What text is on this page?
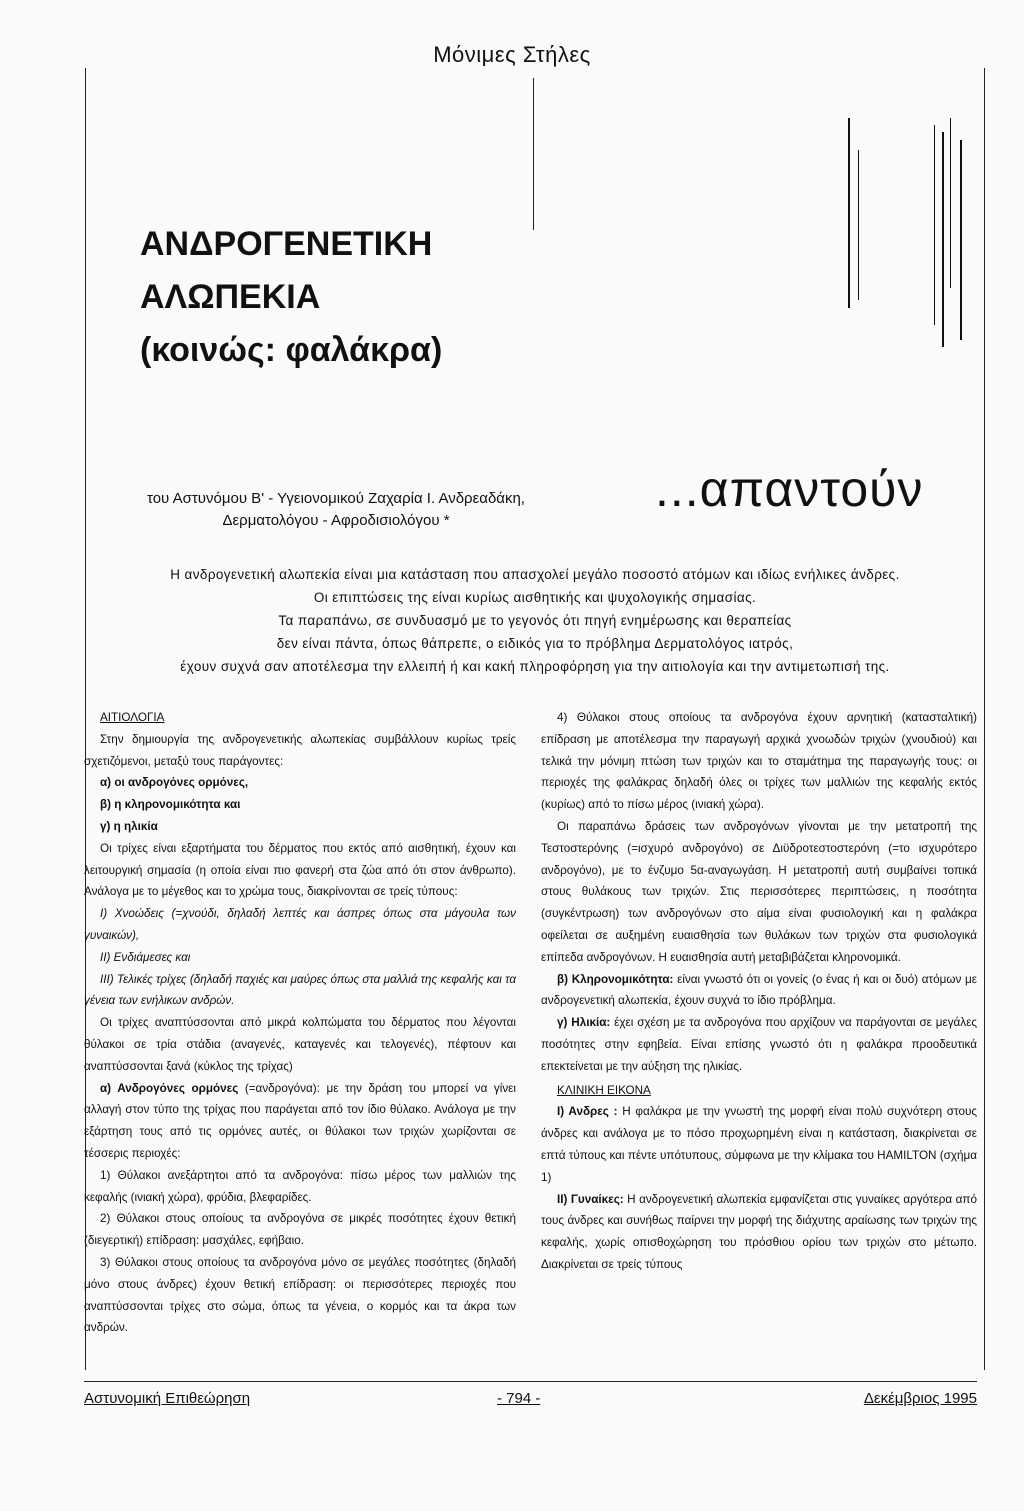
Μόνιμες Στήλες
ΑΝΔΡΟΓΕΝΕΤΙΚΗ
ΑΛΩΠΕΚΙΑ
(κοινώς: φαλάκρα)
του Αστυνόμου Β' - Υγειονομικού Ζαχαρία Ι. Ανδρεαδάκη,
Δερματολόγου - Αφροδισιολόγου *
...απαντούν

Η ανδρογενετική αλωπεκία είναι μια κατάσταση που απασχολεί μεγάλο ποσοστό ατόμων και ιδίως ενήλικες άνδρες.

Οι επιπτώσεις της είναι κυρίως αισθητικής και ψυχολογικής σημασίας.

Τα παραπάνω, σε συνδυασμό με το γεγονός ότι πηγή ενημέρωσης και θεραπείας

δεν είναι πάντα, όπως θάπρεπε, ο ειδικός για το πρόβλημα Δερματολόγος ιατρός,

έχουν συχνά σαν αποτέλεσμα την ελλειπή ή και κακή πληροφόρηση για την αιτιολογία και την αντιμετωπισή της.

ΑΙΤΙΟΛΟΓΙΑ

Στην δημιουργία της ανδρογενετικής αλωπεκίας συμβάλλουν κυρίως τρείς σχετιζόμενοι, μεταξύ τους παράγοντες:

α) οι ανδρογόνες ορμόνες,

β) η κληρονομικότητα και

γ) η ηλικία

Οι τρίχες είναι εξαρτήματα του δέρματος που εκτός από αισθητική, έχουν και λειτουργική σημασία (η οποία είναι πιο φανερή στα ζώα από ότι στον άνθρωπο). Ανάλογα με το μέγεθος και το χρώμα τους, διακρίνονται σε τρείς τύπους:

Ι) Χνοώδεις (=χνούδι, δηλαδή λεπτές και άσπρες όπως στα μάγουλα των γυναικών),

ΙΙ) Ενδιάμεσες και

ΙΙΙ) Τελικές τρίχες (δηλαδή παχιές και μαύρες όπως στα μαλλιά της κεφαλής και τα γένεια των ενήλικων ανδρών.

Οι τρίχες αναπτύσσονται από μικρά κολπώματα του δέρματος που λέγονται θύλακοι σε τρία στάδια (αναγενές, καταγενές και τελογενές), πέφτουν και αναπτύσσονται ξανά (κύκλος της τρίχας)

α) Ανδρογόνες ορμόνες (=ανδρογόνα): με την δράση του μπορεί να γίνει αλλαγή στον τύπο της τρίχας που παράγεται από τον ίδιο θύλακο. Ανάλογα με την εξάρτηση τους από τις ορμόνες αυτές, οι θύλακοι των τριχών χωρίζονται σε τέσσερις περιοχές:

1) Θύλακοι ανεξάρτητοι από τα ανδρογόνα: πίσω μέρος των μαλλιών της κεφαλής (ινιακή χώρα), φρύδια, βλεφαρίδες.

2) Θύλακοι στους οποίους τα ανδρογόνα σε μικρές ποσότητες έχουν θετική (διεγερτική) επίδραση: μασχάλες, εφήβαιο.

3) Θύλακοι στους οποίους τα ανδρογόνα μόνο σε μεγάλες ποσότητες (δηλαδή μόνο στους άνδρες) έχουν θετική επίδραση: οι περισσότερες περιοχές που αναπτύσσονται τρίχες στο σώμα, όπως τα γένεια, ο κορμός και τα άκρα των ανδρών.

4) Θύλακοι στους οποίους τα ανδρογόνα έχουν αρνητική (κατασταλτική) επίδραση με αποτέλεσμα την παραγωγή αρχικά χνοωδών τριχών (χνουδιού) και τελικά την μόνιμη πτώση των τριχών και το σταμάτημα της παραγωγής τους: οι περιοχές της φαλάκρας δηλαδή όλες οι τρίχες των μαλλιών της κεφαλής εκτός (κυρίως) από το πίσω μέρος (ινιακή χώρα).

Οι παραπάνω δράσεις των ανδρογόνων γίνονται με την μετατροπή της Τεστοστερόνης (=ισχυρό ανδρογόνο) σε Διϋδροτεστοστερόνη (=το ισχυρότερο ανδρογόνο), με το ένζυμο 5α-αναγωγάση. Η μετατροπή αυτή συμβαίνει τοπικά στους θυλάκους των τριχών. Στις περισσότερες περιπτώσεις, η ποσότητα (συγκέντρωση) των ανδρογόνων στο αίμα είναι φυσιολογική και η φαλάκρα οφείλεται σε αυξημένη ευαισθησία των θυλάκων των τριχών στα φυσιολογικά επίπεδα ανδρογόνων. Η ευαισθησία αυτή μεταβιβάζεται κληρονομικά.

β) Κληρονομικότητα: είναι γνωστό ότι οι γονείς (ο ένας ή και οι δυό) ατόμων με ανδρογενετική αλωπεκία, έχουν συχνά το ίδιο πρόβλημα.

γ) Ηλικία: έχει σχέση με τα ανδρογόνα που αρχίζουν να παράγονται σε μεγάλες ποσότητες στην εφηβεία. Είναι επίσης γνωστό ότι η φαλάκρα προοδευτικά επεκτείνεται με την αύξηση της ηλικίας.

ΚΛΙΝΙΚΗ ΕΙΚΟΝΑ

Ι) Ανδρες : Η φαλάκρα με την γνωστή της μορφή είναι πολύ συχνότερη στους άνδρες και ανάλογα με το πόσο προχωρημένη είναι η κατάσταση, διακρίνεται σε επτά τύπους και πέντε υπότυπους, σύμφωνα με την κλίμακα του HAMILTON (σχήμα 1)

ΙΙ) Γυναίκες: Η ανδρογενετική αλωπεκία εμφανίζεται στις γυναίκες αργότερα από τους άνδρες και συνήθως παίρνει την μορφή της διάχυτης αραίωσης των τριχών της κεφαλής, χωρίς οπισθοχώρηση του πρόσθιου ορίου των τριχών στο μέτωπο. Διακρίνεται σε τρείς τύπους

Αστυνομική Επιθεώρηση	- 794 -	Δεκέμβριος 1995
